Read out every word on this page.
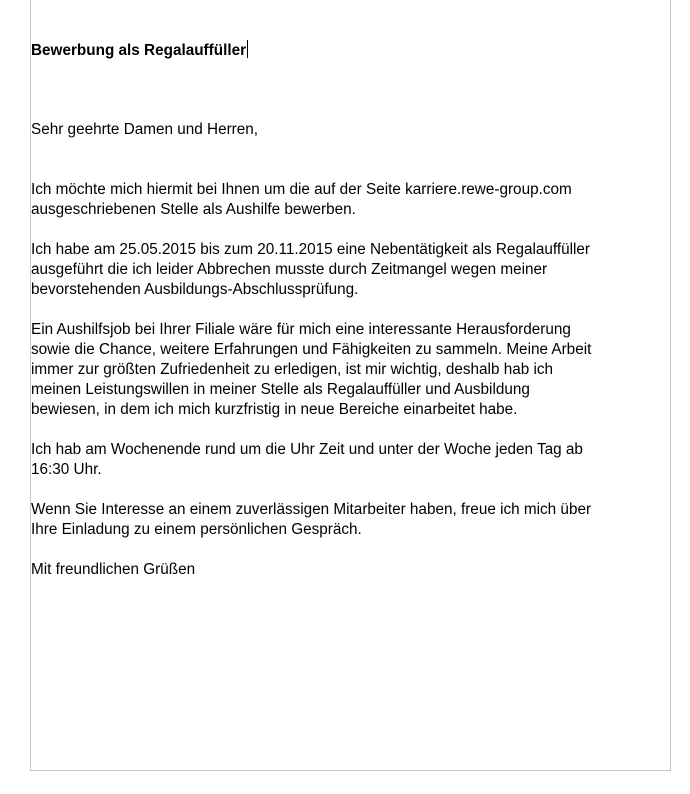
Bewerbung als Regalauffüller
Sehr geehrte Damen und Herren,
Ich möchte mich hiermit bei Ihnen um die auf der Seite karriere.rewe-group.com
ausgeschriebenen Stelle als Aushilfe bewerben.
Ich habe am 25.05.2015 bis zum 20.11.2015 eine Nebentätigkeit als Regalauffüller
ausgeführt die ich leider Abbrechen musste durch Zeitmangel wegen meiner
bevorstehenden Ausbildungs-Abschlussprüfung.
Ein Aushilfsjob bei Ihrer Filiale wäre für mich eine interessante Herausforderung
sowie die Chance, weitere Erfahrungen und Fähigkeiten zu sammeln. Meine Arbeit
immer zur größten Zufriedenheit zu erledigen, ist mir wichtig, deshalb hab ich
meinen Leistungswillen in meiner Stelle als Regalauffüller und Ausbildung
bewiesen, in dem ich mich kurzfristig in neue Bereiche einarbeitet habe.
Ich hab am Wochenende rund um die Uhr Zeit und unter der Woche jeden Tag ab
16:30 Uhr.
Wenn Sie Interesse an einem zuverlässigen Mitarbeiter haben, freue ich mich über
Ihre Einladung zu einem persönlichen Gespräch.
Mit freundlichen Grüßen
